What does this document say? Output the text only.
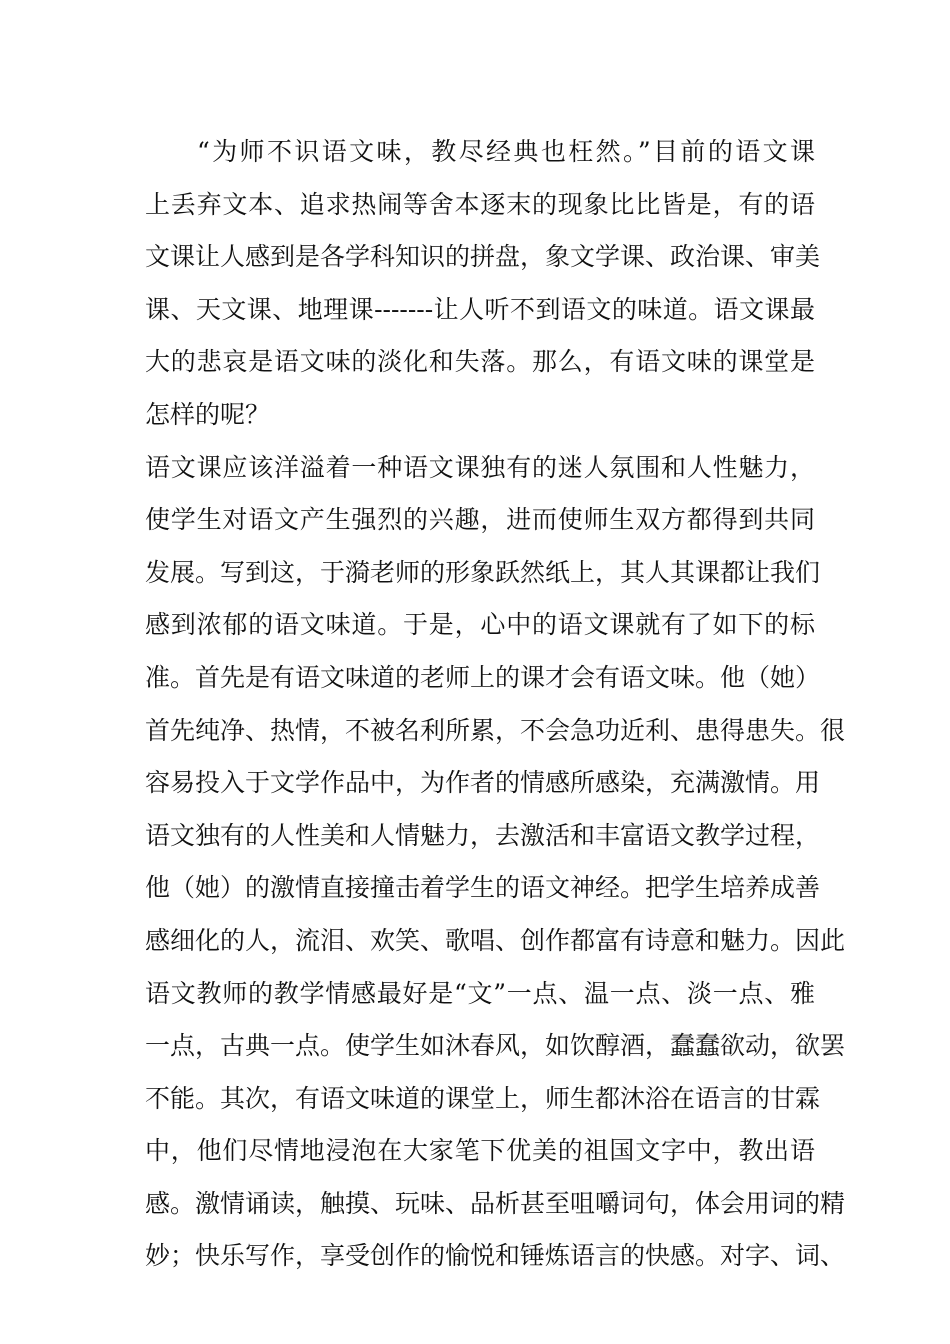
“为师不识语文味，教尽经典也枉然。”目前的语文课
上丢弃文本、追求热闹等舍本逐末的现象比比皆是，有的语
文课让人感到是各学科知识的拼盘，象文学课、政治课、审美
课、天文课、地理课-------让人听不到语文的味道。语文课最
大的悲哀是语文味的淡化和失落。那么，有语文味的课堂是
怎样的呢？
语文课应该洋溢着一种语文课独有的迷人氛围和人性魅力，
使学生对语文产生强烈的兴趣，进而使师生双方都得到共同
发展。写到这，于漪老师的形象跃然纸上，其人其课都让我们
感到浓郁的语文味道。于是，心中的语文课就有了如下的标
准。首先是有语文味道的老师上的课才会有语文味。他（她）
首先纯净、热情，不被名利所累，不会急功近利、患得患失。很
容易投入于文学作品中，为作者的情感所感染，充满激情。用
语文独有的人性美和人情魅力，去激活和丰富语文教学过程，
他（她）的激情直接撞击着学生的语文神经。把学生培养成善
感细化的人，流泪、欢笑、歌唱、创作都富有诗意和魅力。因此
语文教师的教学情感最好是“文”一点、温一点、淡一点、雅
一点，古典一点。使学生如沐春风，如饮醇酒，蠢蠢欲动，欲罢
不能。其次，有语文味道的课堂上，师生都沐浴在语言的甘霖
中，他们尽情地浸泡在大家笔下优美的祖国文字中，教出语
感。激情诵读，触摸、玩味、品析甚至咀嚼词句，体会用词的精
妙；快乐写作，享受创作的愉悦和锤炼语言的快感。对字、词、
